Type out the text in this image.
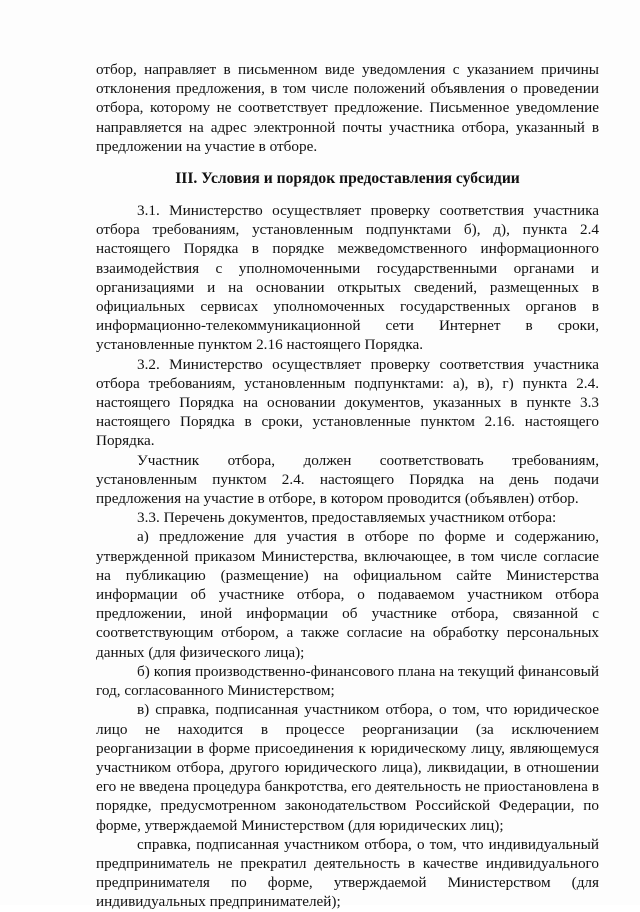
отбор, направляет в письменном виде уведомления с указанием причины отклонения предложения, в том числе положений объявления о проведении отбора, которому не соответствует предложение. Письменное уведомление направляется на адрес электронной почты участника отбора, указанный в предложении на участие в отборе.

III. Условия и порядок предоставления субсидии

3.1. Министерство осуществляет проверку соответствия участника отбора требованиям, установленным подпунктами б), д), пункта 2.4 настоящего Порядка в порядке межведомственного информационного взаимодействия с уполномоченными государственными органами и организациями и на основании открытых сведений, размещенных в официальных сервисах уполномоченных государственных органов в информационно-телекоммуникационной сети Интернет в сроки, установленные пунктом 2.16 настоящего Порядка.

3.2. Министерство осуществляет проверку соответствия участника отбора требованиям, установленным подпунктами: а), в), г) пункта 2.4. настоящего Порядка на основании документов, указанных в пункте 3.3 настоящего Порядка в сроки, установленные пунктом 2.16. настоящего Порядка.

Участник отбора, должен соответствовать требованиям, установленным пунктом 2.4. настоящего Порядка на день подачи предложения на участие в отборе, в котором проводится (объявлен) отбор.

3.3. Перечень документов, предоставляемых участником отбора:

а) предложение для участия в отборе по форме и содержанию, утвержденной приказом Министерства, включающее, в том числе согласие на публикацию (размещение) на официальном сайте Министерства информации об участнике отбора, о подаваемом участником отбора предложении, иной информации об участнике отбора, связанной с соответствующим отбором, а также согласие на обработку персональных данных (для физического лица);

б) копия производственно-финансового плана на текущий финансовый год, согласованного Министерством;

в) справка, подписанная участником отбора, о том, что юридическое лицо не находится в процессе реорганизации (за исключением реорганизации в форме присоединения к юридическому лицу, являющемуся участником отбора, другого юридического лица), ликвидации, в отношении его не введена процедура банкротства, его деятельность не приостановлена в порядке, предусмотренном законодательством Российской Федерации, по форме, утверждаемой Министерством (для юридических лиц);

справка, подписанная участником отбора, о том, что индивидуальный предприниматель не прекратил деятельность в качестве индивидуального предпринимателя по форме, утверждаемой Министерством (для индивидуальных предпринимателей);
